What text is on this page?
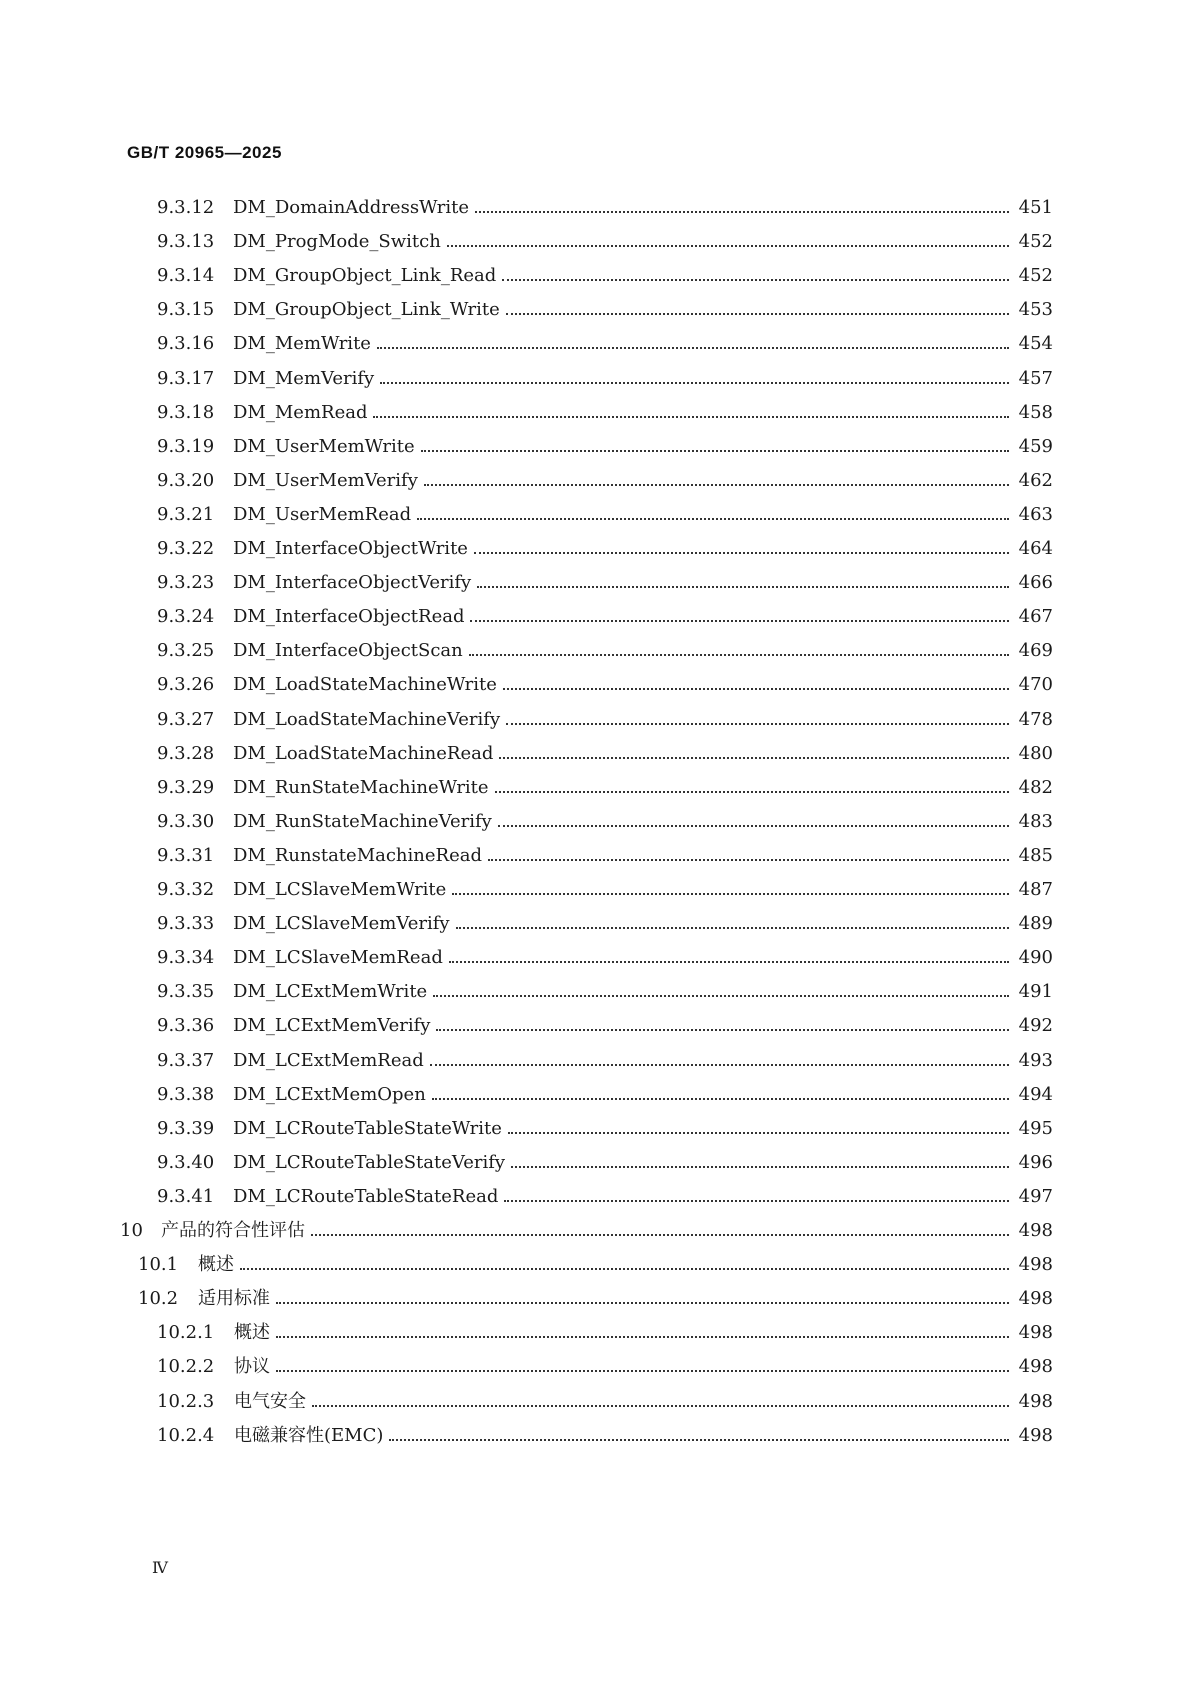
GB/T 20965—2025
9.3.12	DM_DomainAddressWrite	451
9.3.13	DM_ProgMode_Switch	452
9.3.14	DM_GroupObject_Link_Read	452
9.3.15	DM_GroupObject_Link_Write	453
9.3.16	DM_MemWrite	454
9.3.17	DM_MemVerify	457
9.3.18	DM_MemRead	458
9.3.19	DM_UserMemWrite	459
9.3.20	DM_UserMemVerify	462
9.3.21	DM_UserMemRead	463
9.3.22	DM_InterfaceObjectWrite	464
9.3.23	DM_InterfaceObjectVerify	466
9.3.24	DM_InterfaceObjectRead	467
9.3.25	DM_InterfaceObjectScan	469
9.3.26	DM_LoadStateMachineWrite	470
9.3.27	DM_LoadStateMachineVerify	478
9.3.28	DM_LoadStateMachineRead	480
9.3.29	DM_RunStateMachineWrite	482
9.3.30	DM_RunStateMachineVerify	483
9.3.31	DM_RunstateMachineRead	485
9.3.32	DM_LCSlaveMemWrite	487
9.3.33	DM_LCSlaveMemVerify	489
9.3.34	DM_LCSlaveMemRead	490
9.3.35	DM_LCExtMemWrite	491
9.3.36	DM_LCExtMemVerify	492
9.3.37	DM_LCExtMemRead	493
9.3.38	DM_LCExtMemOpen	494
9.3.39	DM_LCRouteTableStateWrite	495
9.3.40	DM_LCRouteTableStateVerify	496
9.3.41	DM_LCRouteTableStateRead	497
10	产品的符合性评估	498
10.1	概述	498
10.2	适用标准	498
10.2.1	概述	498
10.2.2	协议	498
10.2.3	电气安全	498
10.2.4	电磁兼容性(EMC)	498
Ⅳ
